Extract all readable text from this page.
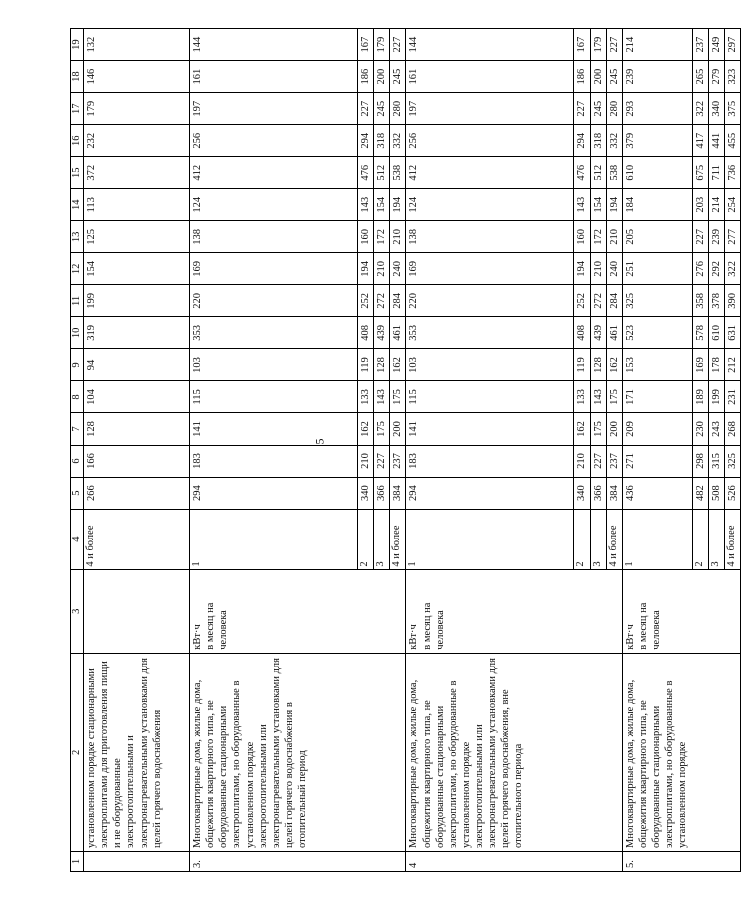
5
1	2	3	4	5	6	7	8	9	10	11	12	13	14	15	16	17	18	19
	установленном порядке стационарными электроплитами для приготовления пищи и не оборудованные электроотопительными и электронагревательными установками для целей горячего водоснабжения		4 и более	266	166	128	104	94	319	199	154	125	113	372	232	179	146	132
3.	Многоквартирные дома, жилые дома, общежития квартирного типа, не оборудованные стационарными электроплитами, но оборудованные в установленном порядке электроотопительными или электронагревательными установками для целей горячего водоснабжения в отопительный период	кВт·ч в месяц на человека	1	294	183	141	115	103	353	220	169	138	124	412	256	197	161	144
			2	340	210	162	133	119	408	252	194	160	143	476	294	227	186	167
			3	366	227	175	143	128	439	272	210	172	154	512	318	245	200	179
			4 и более	384	237	200	175	162	461	284	240	210	194	538	332	280	245	227
4	Многоквартирные дома, жилые дома, общежития квартирного типа, не оборудованные стационарными электроплитами, но оборудованные в установленном порядке электроотопительными или электронагревательными установками для целей горячего водоснабжения, вне отопительного периода	кВт·ч в месяц на человека	1	294	183	141	115	103	353	220	169	138	124	412	256	197	161	144
			2	340	210	162	133	119	408	252	194	160	143	476	294	227	186	167
			3	366	227	175	143	128	439	272	210	172	154	512	318	245	200	179
			4 и более	384	237	200	175	162	461	284	240	210	194	538	332	280	245	227
5.	Многоквартирные дома, жилые дома, общежития квартирного типа, не оборудованные стационарными электроплитами, но оборудованные в установленном порядке	кВт·ч в месяц на человека	1	436	271	209	171	153	523	325	251	205	184	610	379	293	239	214
			2	482	298	230	189	169	578	358	276	227	203	675	417	322	265	237
			3	508	315	243	199	178	610	378	292	239	214	711	441	340	279	249
			4 и более	526	325	268	231	212	631	390	322	277	254	736	455	375	323	297
